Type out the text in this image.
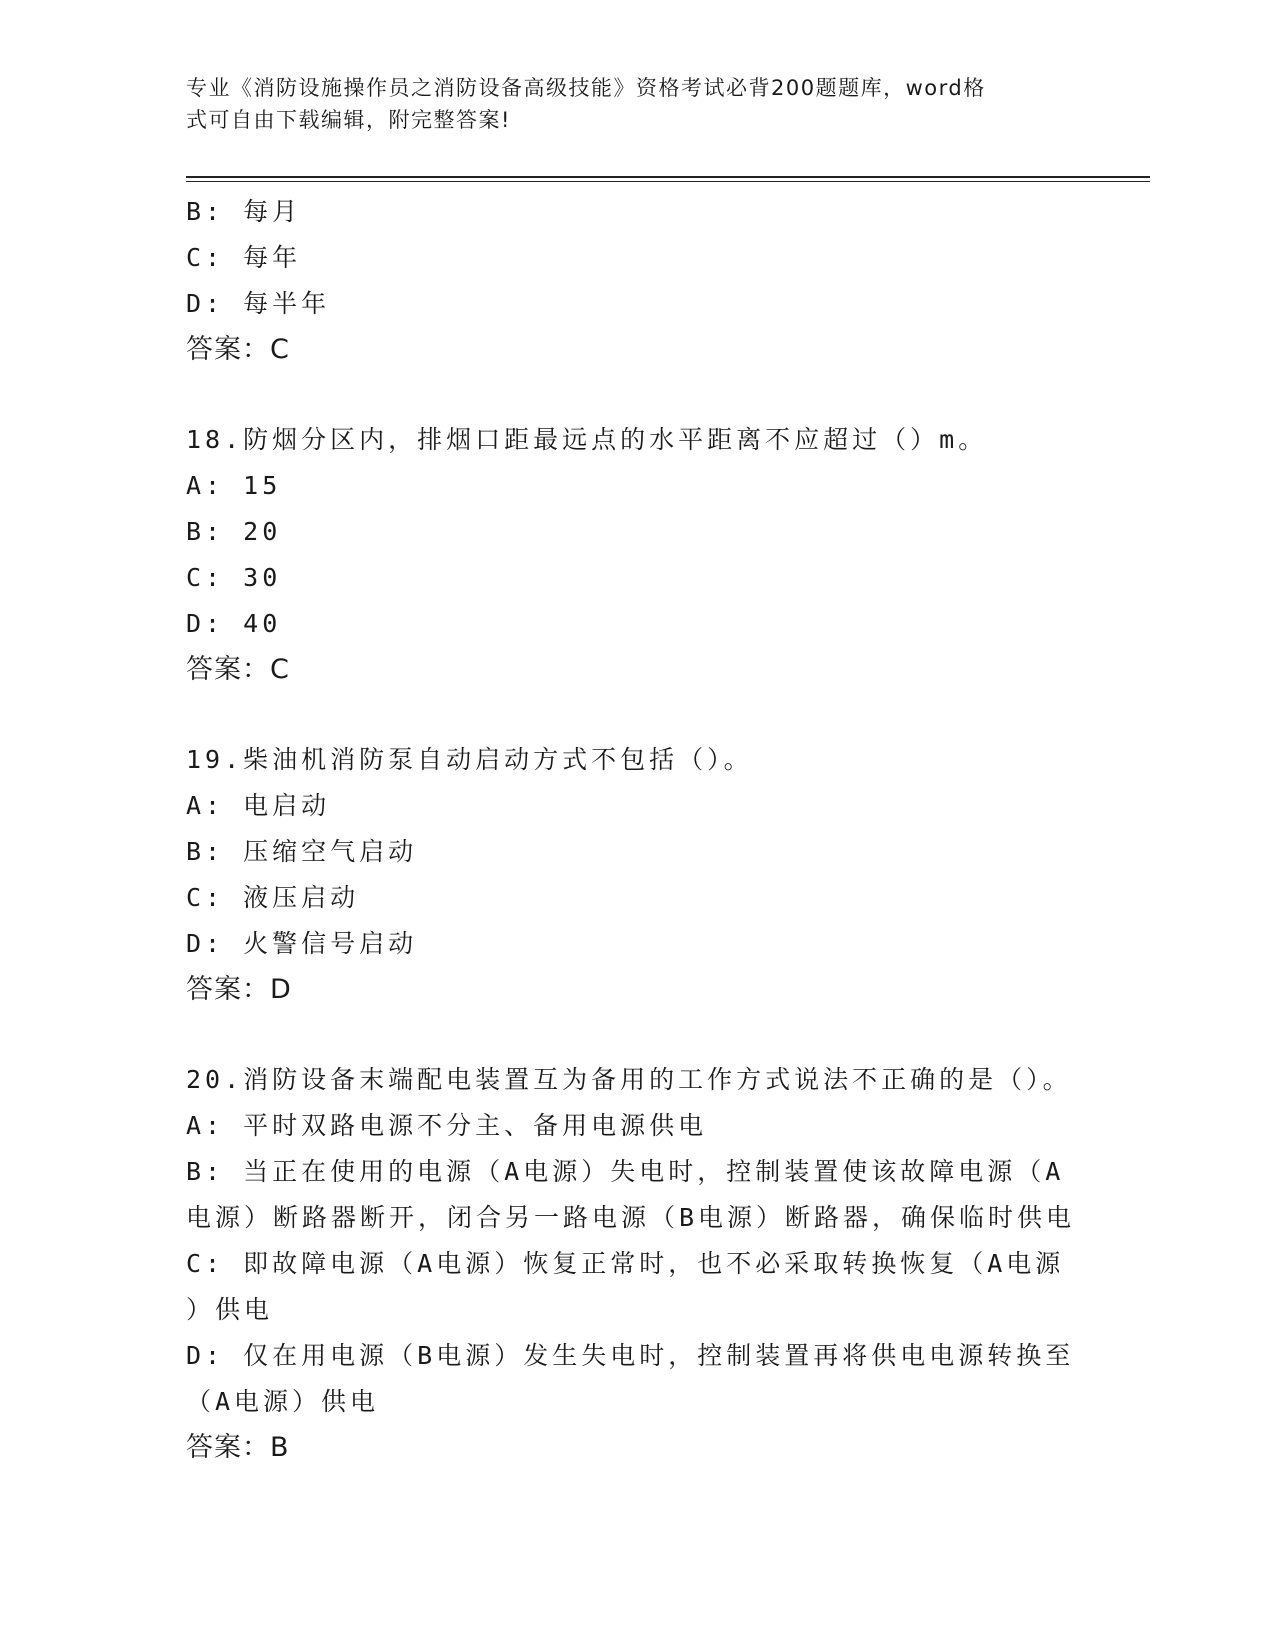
专业《消防设施操作员之消防设备高级技能》资格考试必背200题题库，word格
式可自由下载编辑，附完整答案!
B: 每月
C: 每年
D: 每半年
答案：C
18.防烟分区内，排烟口距最远点的水平距离不应超过（）m。
A: 15
B: 20
C: 30
D: 40
答案：C
19.柴油机消防泵自动启动方式不包括（）。
A: 电启动
B: 压缩空气启动
C: 液压启动
D: 火警信号启动
答案：D
20.消防设备末端配电装置互为备用的工作方式说法不正确的是（）。
A: 平时双路电源不分主、备用电源供电
B: 当正在使用的电源（A电源）失电时，控制装置使该故障电源（A
电源）断路器断开，闭合另一路电源（B电源）断路器，确保临时供电
C: 即故障电源（A电源）恢复正常时，也不必采取转换恢复（A电源
）供电
D: 仅在用电源（B电源）发生失电时，控制装置再将供电电源转换至
（A电源）供电
答案：B
